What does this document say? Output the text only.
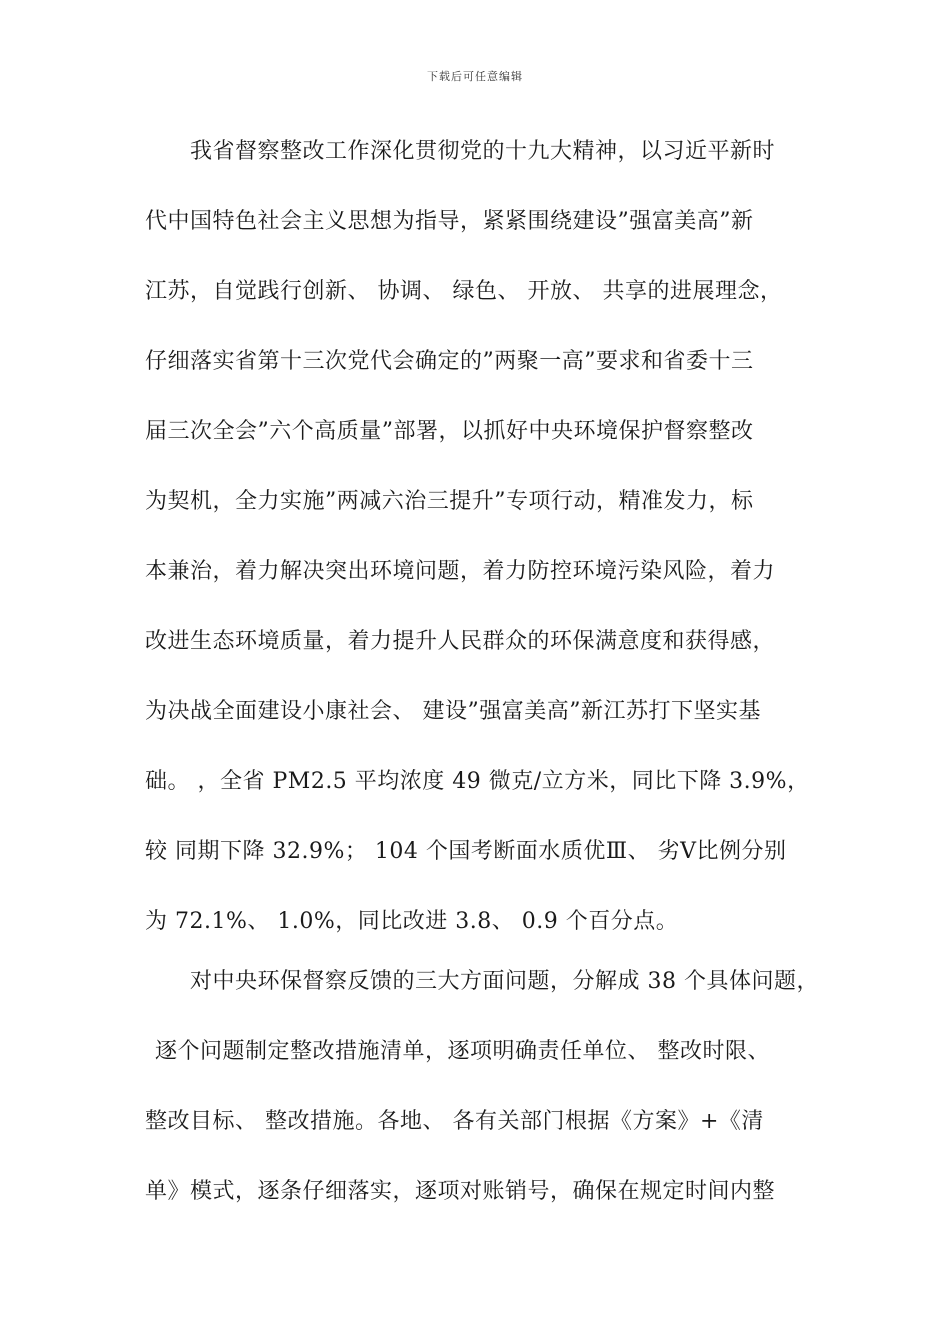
下载后可任意编辑
我省督察整改工作深化贯彻党的十九大精神，以习近平新时
代中国特色社会主义思想为指导，紧紧围绕建设”强富美高”新
江苏，自觉践行创新、 协调、 绿色、 开放、 共享的进展理念，
仔细落实省第十三次党代会确定的”两聚一高”要求和省委十三
届三次全会”六个高质量”部署，以抓好中央环境保护督察整改
为契机，全力实施”两减六治三提升”专项行动，精准发力，标
本兼治，着力解决突出环境问题，着力防控环境污染风险，着力
改进生态环境质量，着力提升人民群众的环保满意度和获得感，
为决战全面建设小康社会、 建设”强富美高”新江苏打下坚实基
础。 ，全省 PM2.5 平均浓度 49 微克/立方米，同比下降 3.9%，
较 同期下降 32.9%； 104 个国考断面水质优Ⅲ、 劣Ⅴ比例分别
为 72.1%、 1.0%，同比改进 3.8、 0.9 个百分点。
对中央环保督察反馈的三大方面问题，分解成 38 个具体问题，
逐个问题制定整改措施清单，逐项明确责任单位、 整改时限、
整改目标、 整改措施。各地、 各有关部门根据《方案》+《清
单》模式，逐条仔细落实，逐项对账销号，确保在规定时间内整
